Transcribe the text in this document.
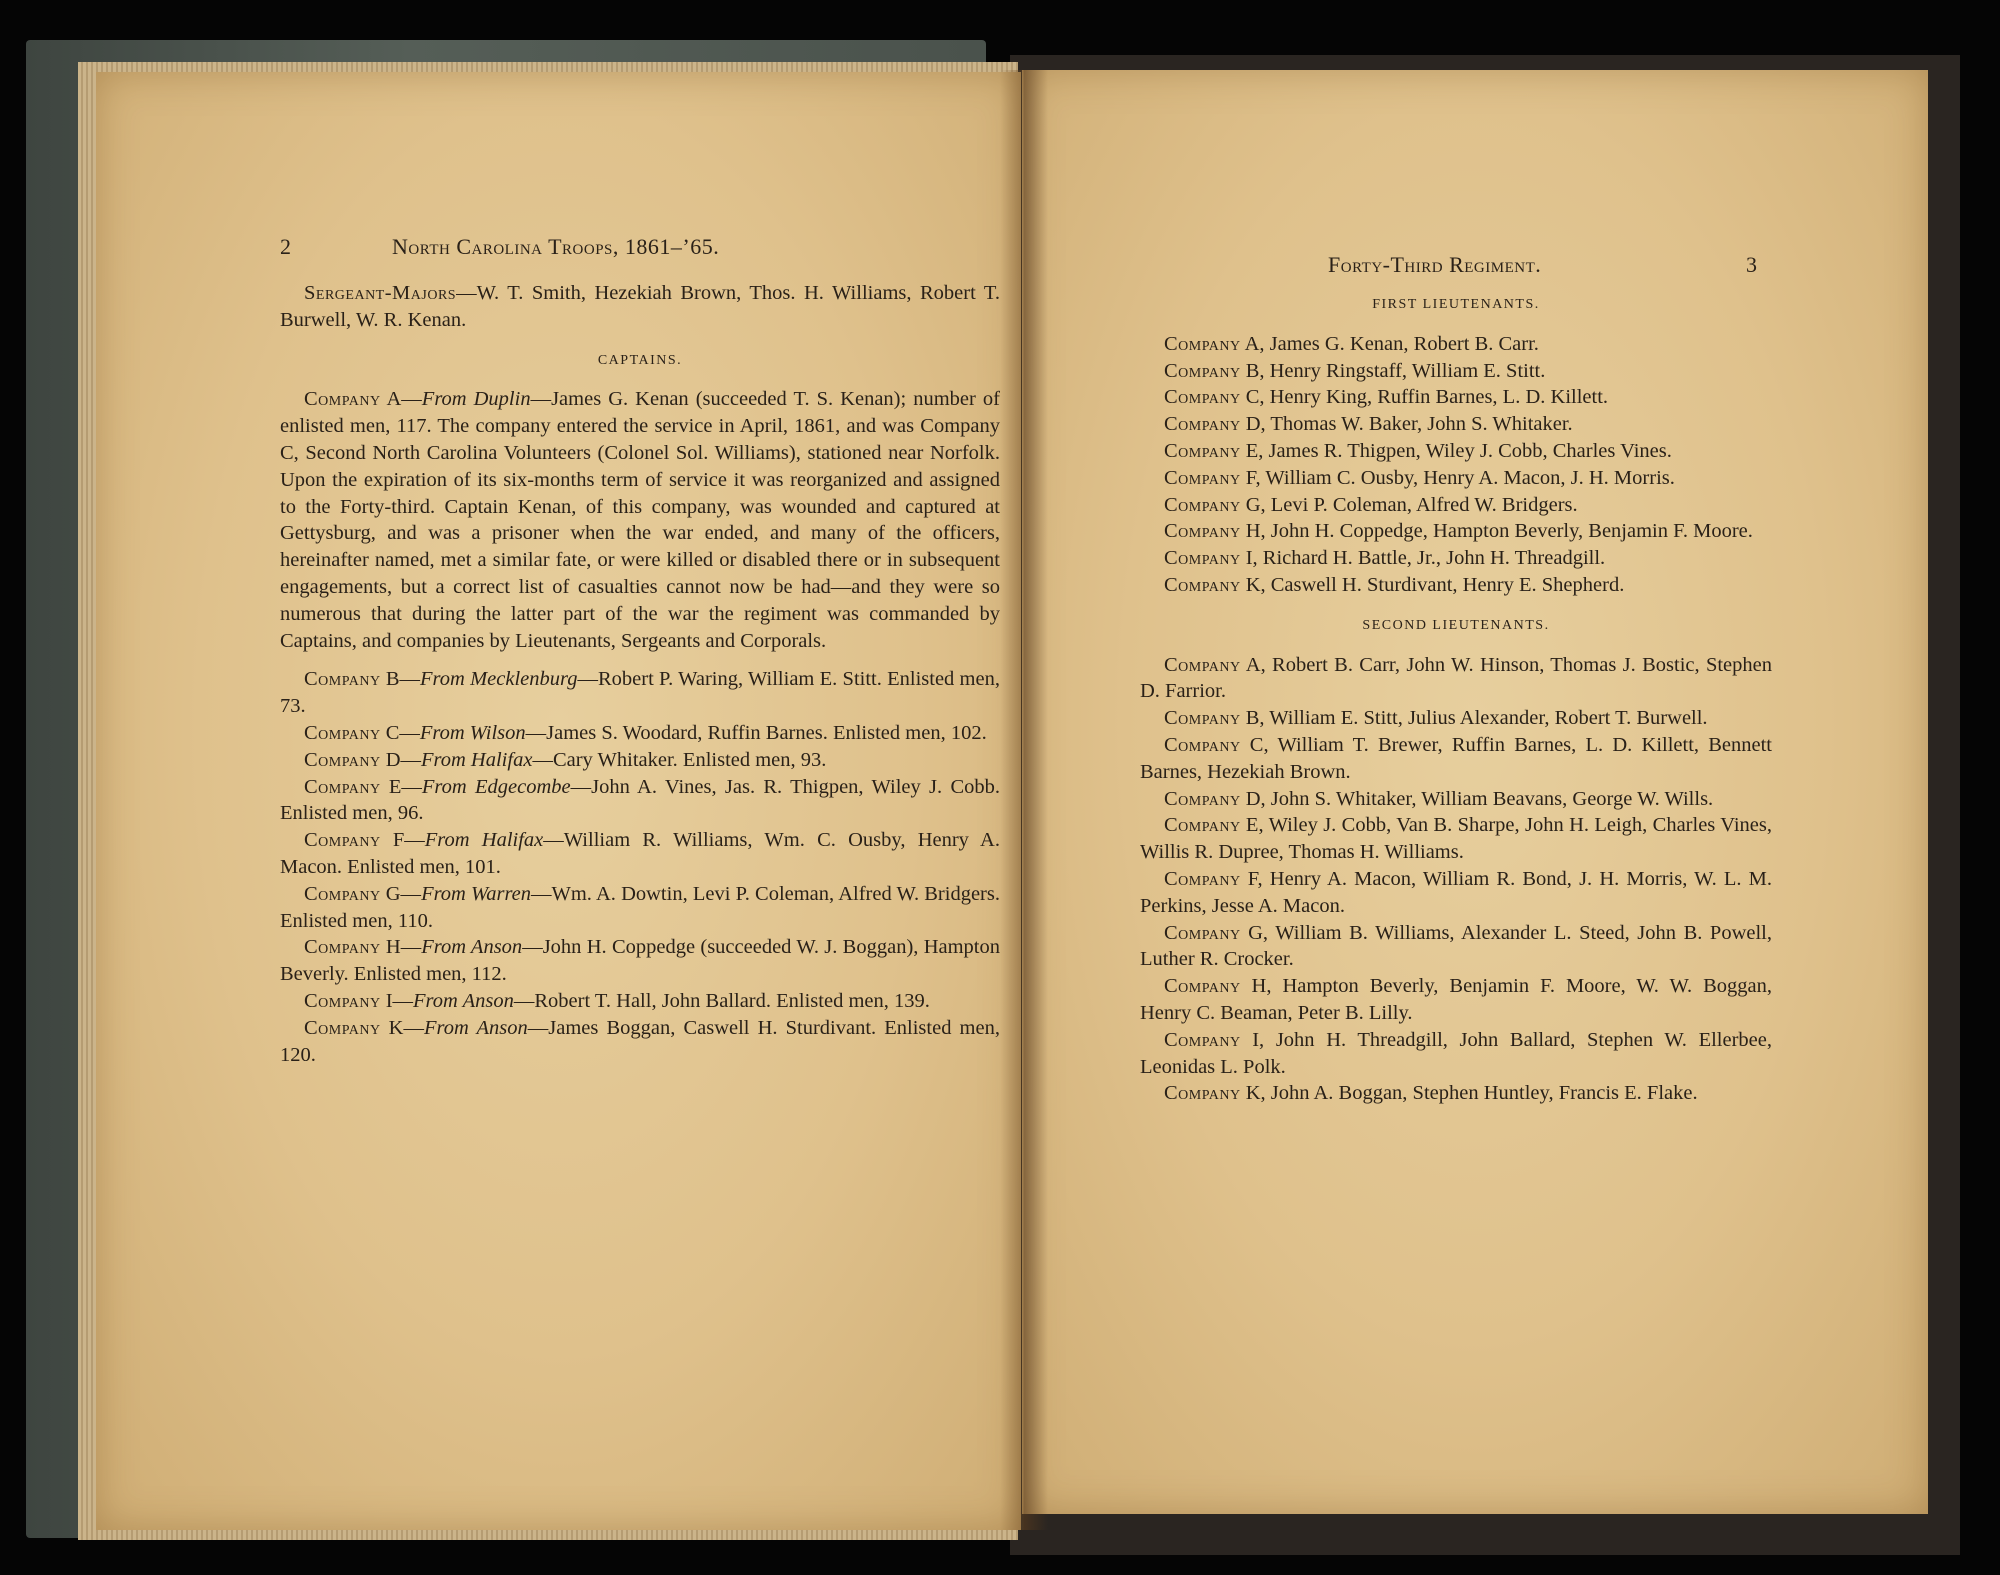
2	North Carolina Troops, 1861–’65.

Sergeant-Majors—W. T. Smith, Hezekiah Brown, Thos. H. Williams, Robert T. Burwell, W. R. Kenan.

CAPTAINS.

Company A—From Duplin—James G. Kenan (succeeded T. S. Kenan); number of enlisted men, 117. The company entered the service in April, 1861, and was Company C, Second North Carolina Volunteers (Colonel Sol. Williams), stationed near Norfolk. Upon the expiration of its six-months term of service it was reorganized and assigned to the Forty-third. Captain Kenan, of this company, was wounded and captured at Gettysburg, and was a prisoner when the war ended, and many of the officers, hereinafter named, met a similar fate, or were killed or disabled there or in subsequent engagements, but a correct list of casualties cannot now be had—and they were so numerous that during the latter part of the war the regiment was commanded by Captains, and companies by Lieutenants, Sergeants and Corporals.

Company B—From Mecklenburg—Robert P. Waring, William E. Stitt. Enlisted men, 73.

Company C—From Wilson—James S. Woodard, Ruffin Barnes. Enlisted men, 102.

Company D—From Halifax—Cary Whitaker. Enlisted men, 93.

Company E—From Edgecombe—John A. Vines, Jas. R. Thigpen, Wiley J. Cobb. Enlisted men, 96.

Company F—From Halifax—William R. Williams, Wm. C. Ousby, Henry A. Macon. Enlisted men, 101.

Company G—From Warren—Wm. A. Dowtin, Levi P. Coleman, Alfred W. Bridgers. Enlisted men, 110.

Company H—From Anson—John H. Coppedge (succeeded W. J. Boggan), Hampton Beverly. Enlisted men, 112.

Company I—From Anson—Robert T. Hall, John Ballard. Enlisted men, 139.

Company K—From Anson—James Boggan, Caswell H. Sturdivant. Enlisted men, 120.

Forty-Third Regiment.	3
FIRST LIEUTENANTS.

Company A, James G. Kenan, Robert B. Carr.

Company B, Henry Ringstaff, William E. Stitt.

Company C, Henry King, Ruffin Barnes, L. D. Killett.

Company D, Thomas W. Baker, John S. Whitaker.

Company E, James R. Thigpen, Wiley J. Cobb, Charles Vines.

Company F, William C. Ousby, Henry A. Macon, J. H. Morris.

Company G, Levi P. Coleman, Alfred W. Bridgers.

Company H, John H. Coppedge, Hampton Beverly, Benjamin F. Moore.

Company I, Richard H. Battle, Jr., John H. Threadgill.

Company K, Caswell H. Sturdivant, Henry E. Shepherd.

SECOND LIEUTENANTS.

Company A, Robert B. Carr, John W. Hinson, Thomas J. Bostic, Stephen D. Farrior.

Company B, William E. Stitt, Julius Alexander, Robert T. Burwell.

Company C, William T. Brewer, Ruffin Barnes, L. D. Killett, Bennett Barnes, Hezekiah Brown.

Company D, John S. Whitaker, William Beavans, George W. Wills.

Company E, Wiley J. Cobb, Van B. Sharpe, John H. Leigh, Charles Vines, Willis R. Dupree, Thomas H. Williams.

Company F, Henry A. Macon, William R. Bond, J. H. Morris, W. L. M. Perkins, Jesse A. Macon.

Company G, William B. Williams, Alexander L. Steed, John B. Powell, Luther R. Crocker.

Company H, Hampton Beverly, Benjamin F. Moore, W. W. Boggan, Henry C. Beaman, Peter B. Lilly.

Company I, John H. Threadgill, John Ballard, Stephen W. Ellerbee, Leonidas L. Polk.

Company K, John A. Boggan, Stephen Huntley, Francis E. Flake.
